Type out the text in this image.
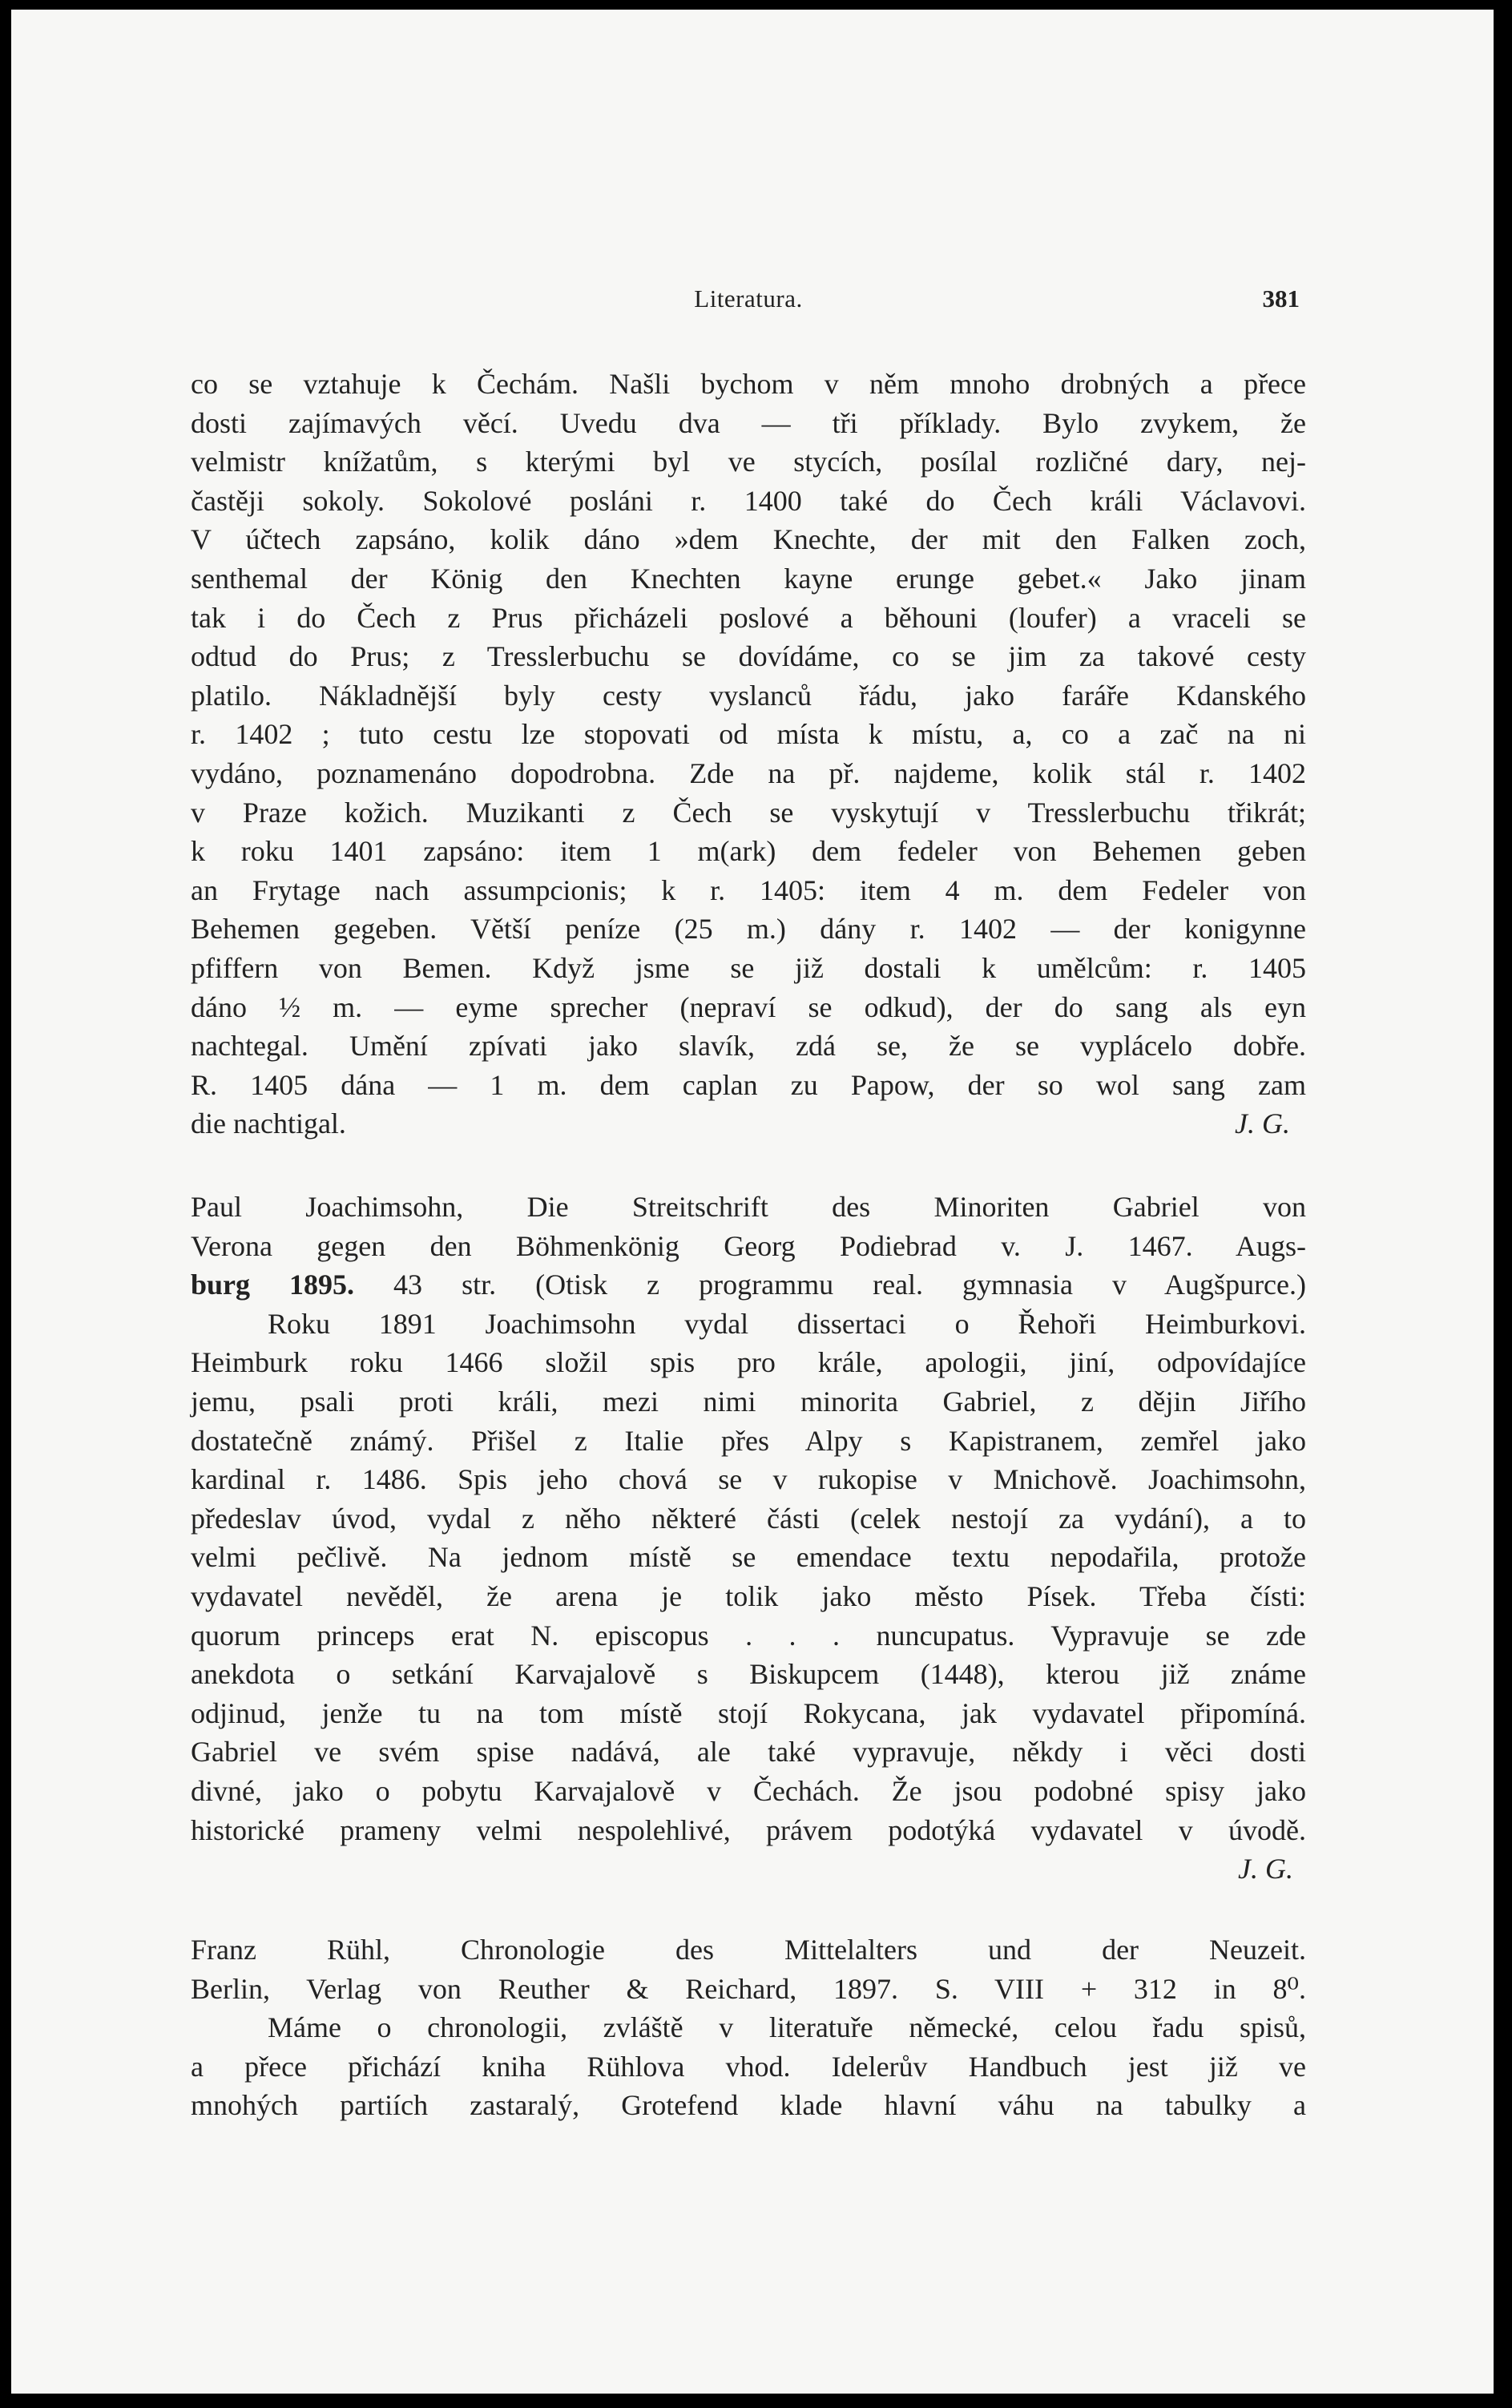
Literatura.	381
co se vztahuje k Čechám. Našli bychom v něm mnoho drobných a přece
dosti zajímavých věcí. Uvedu dva — tři příklady. Bylo zvykem, že
velmistr knížatům, s kterými byl ve stycích, posílal rozličné dary, nej-
častěji sokoly. Sokolové posláni r. 1400 také do Čech králi Václavovi.
V účtech zapsáno, kolik dáno »dem Knechte, der mit den Falken zoch,
senthemal der König den Knechten kayne erunge gebet.« Jako jinam
tak i do Čech z Prus přicházeli poslové a běhouni (loufer) a vraceli se
odtud do Prus; z Tresslerbuchu se dovídáme, co se jim za takové cesty
platilo. Nákladnější byly cesty vyslanců řádu, jako faráře Kdanského
r. 1402 ; tuto cestu lze stopovati od místa k místu, a, co a zač na ni
vydáno, poznamenáno dopodrobna. Zde na př. najdeme, kolik stál r. 1402
v Praze kožich. Muzikanti z Čech se vyskytují v Tresslerbuchu třikrát;
k roku 1401 zapsáno: item 1 m(ark) dem fedeler von Behemen geben
an Frytage nach assumpcionis; k r. 1405: item 4 m. dem Fedeler von
Behemen gegeben. Větší peníze (25 m.) dány r. 1402 — der konigynne
pfiffern von Bemen. Když jsme se již dostali k umělcům: r. 1405
dáno ½ m. — eyme sprecher (nepraví se odkud), der do sang als eyn
nachtegal. Umění zpívati jako slavík, zdá se, že se vyplácelo dobře.
R. 1405 dána — 1 m. dem caplan zu Papow, der so wol sang zam
die nachtigal.	J. G.
Paul Joachimsohn, Die Streitschrift des Minoriten Gabriel von
Verona gegen den Böhmenkönig Georg Podiebrad v. J. 1467. Augs-
burg 1895. 43 str. (Otisk z programmu real. gymnasia v Augšpurce.)
Roku 1891 Joachimsohn vydal dissertaci o Řehoři Heimburkovi.
Heimburk roku 1466 složil spis pro krále, apologii, jiní, odpovídajíce
jemu, psali proti králi, mezi nimi minorita Gabriel, z dějin Jiřího
dostatečně známý. Přišel z Italie přes Alpy s Kapistranem, zemřel jako
kardinal r. 1486. Spis jeho chová se v rukopise v Mnichově. Joachimsohn,
předeslav úvod, vydal z něho některé části (celek nestojí za vydání), a to
velmi pečlivě. Na jednom místě se emendace textu nepodařila, protože
vydavatel nevěděl, že arena je tolik jako město Písek. Třeba čísti:
quorum princeps erat N. episcopus . . . nuncupatus. Vypravuje se zde
anekdota o setkání Karvajalově s Biskupcem (1448), kterou již známe
odjinud, jenže tu na tom místě stojí Rokycana, jak vydavatel připomíná.
Gabriel ve svém spise nadává, ale také vypravuje, někdy i věci dosti
divné, jako o pobytu Karvajalově v Čechách. Že jsou podobné spisy jako
historické prameny velmi nespolehlivé, právem podotýká vydavatel v úvodě.
J. G.
Franz Rühl, Chronologie des Mittelalters und der Neuzeit.
Berlin, Verlag von Reuther & Reichard, 1897. S. VIII + 312 in 8⁰.
Máme o chronologii, zvláště v literatuře německé, celou řadu spisů,
a přece přichází kniha Rühlova vhod. Idelerův Handbuch jest již ve
mnohých partiích zastaralý, Grotefend klade hlavní váhu na tabulky a
